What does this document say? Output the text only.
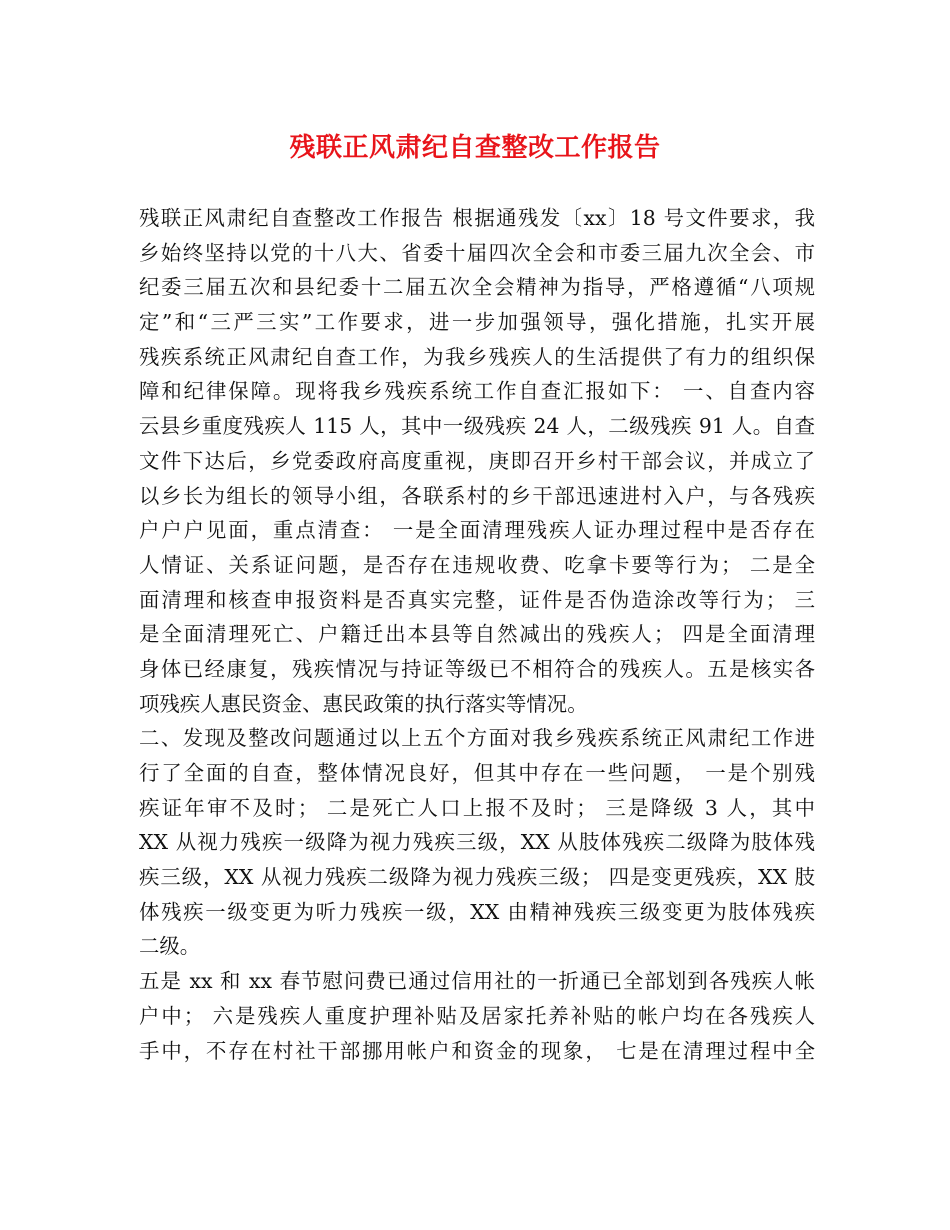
残联正风肃纪自查整改工作报告

残联正风肃纪自查整改工作报告 根据通残发〔xx〕18 号文件要求，我
乡始终坚持以党的十八大、省委十届四次全会和市委三届九次全会、市
纪委三届五次和县纪委十二届五次全会精神为指导，严格遵循“八项规
定”和“三严三实”工作要求，进一步加强领导，强化措施，扎实开展
残疾系统正风肃纪自查工作，为我乡残疾人的生活提供了有力的组织保
障和纪律保障。现将我乡残疾系统工作自查汇报如下： 一、自查内容
云县乡重度残疾人 115 人，其中一级残疾 24 人，二级残疾 91 人。自查
文件下达后，乡党委政府高度重视，庚即召开乡村干部会议，并成立了
以乡长为组长的领导小组，各联系村的乡干部迅速进村入户，与各残疾
户户户见面，重点清查： 一是全面清理残疾人证办理过程中是否存在
人情证、关系证问题，是否存在违规收费、吃拿卡要等行为； 二是全
面清理和核查申报资料是否真实完整，证件是否伪造涂改等行为； 三
是全面清理死亡、户籍迁出本县等自然减出的残疾人； 四是全面清理
身体已经康复，残疾情况与持证等级已不相符合的残疾人。五是核实各
项残疾人惠民资金、惠民政策的执行落实等情况。

二、发现及整改问题通过以上五个方面对我乡残疾系统正风肃纪工作进
行了全面的自查，整体情况良好，但其中存在一些问题， 一是个别残
疾证年审不及时； 二是死亡人口上报不及时； 三是降级 3 人，其中
XX 从视力残疾一级降为视力残疾三级，XX 从肢体残疾二级降为肢体残
疾三级，XX 从视力残疾二级降为视力残疾三级； 四是变更残疾，XX 肢
体残疾一级变更为听力残疾一级，XX 由精神残疾三级变更为肢体残疾
二级。

五是 xx 和 xx 春节慰问费已通过信用社的一折通已全部划到各残疾人帐
户中； 六是残疾人重度护理补贴及居家托养补贴的帐户均在各残疾人
手中，不存在村社干部挪用帐户和资金的现象， 七是在清理过程中全
